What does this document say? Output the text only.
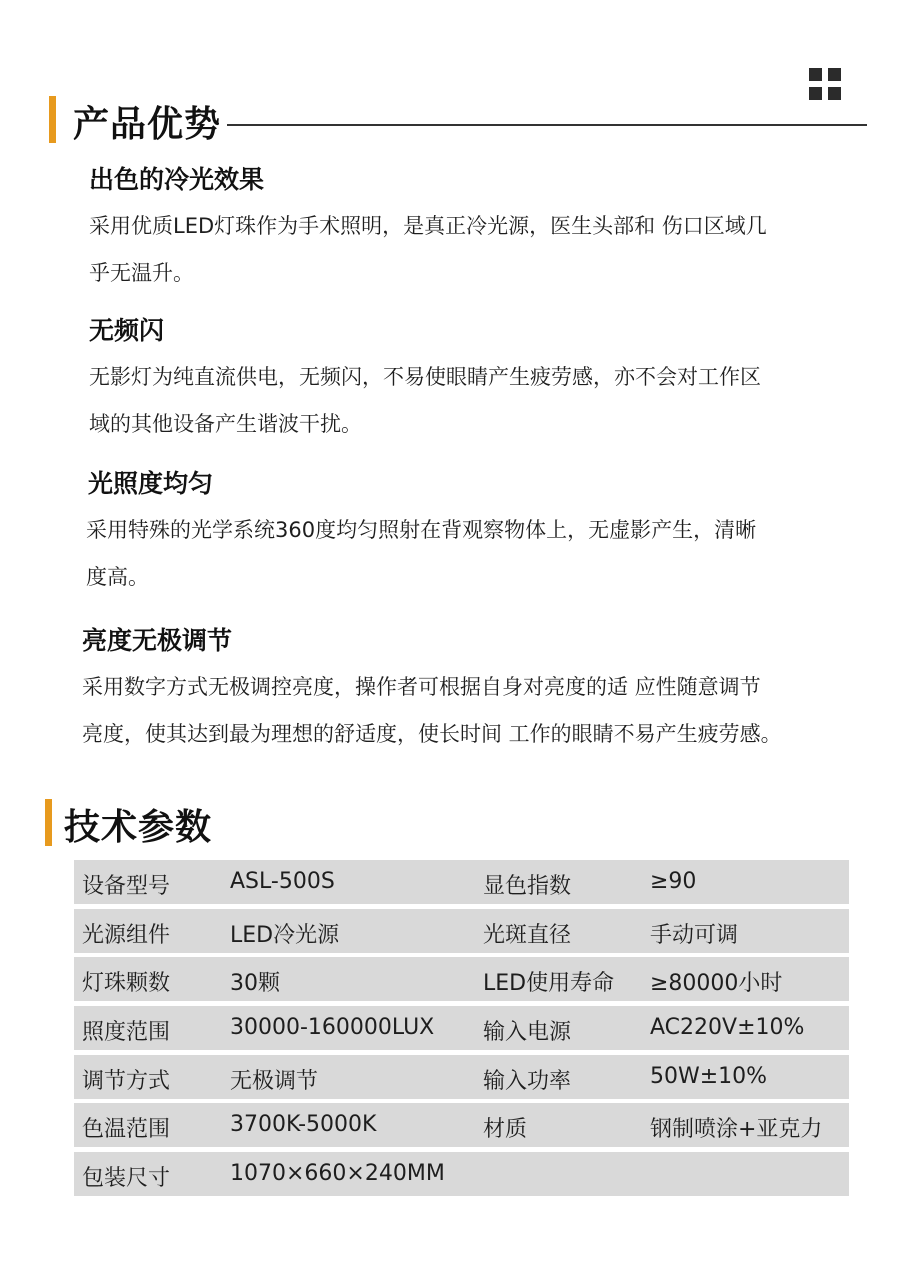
产品优势
出色的冷光效果
采用优质LED灯珠作为手术照明，是真正冷光源，医生头部和 伤口区域几
乎无温升。
无频闪
无影灯为纯直流供电，无频闪，不易使眼睛产生疲劳感，亦不会对工作区
域的其他设备产生谐波干扰。
光照度均匀
采用特殊的光学系统360度均匀照射在背观察物体上，无虚影产生，清晰
度高。
亮度无极调节
采用数字方式无极调控亮度，操作者可根据自身对亮度的适 应性随意调节
亮度，使其达到最为理想的舒适度，使长时间 工作的眼睛不易产生疲劳感。
技术参数
设备型号	ASL-500S	显色指数	≥90
光源组件	LED冷光源	光斑直径	手动可调
灯珠颗数	30颗	LED使用寿命 ≥80000小时
照度范围	30000-160000LUX 输入电源	AC220V±10%
调节方式	无极调节	输入功率	50W±10%
色温范围	3700K-5000K	材质	钢制喷涂+亚克力
包装尺寸	1070×660×240MM
